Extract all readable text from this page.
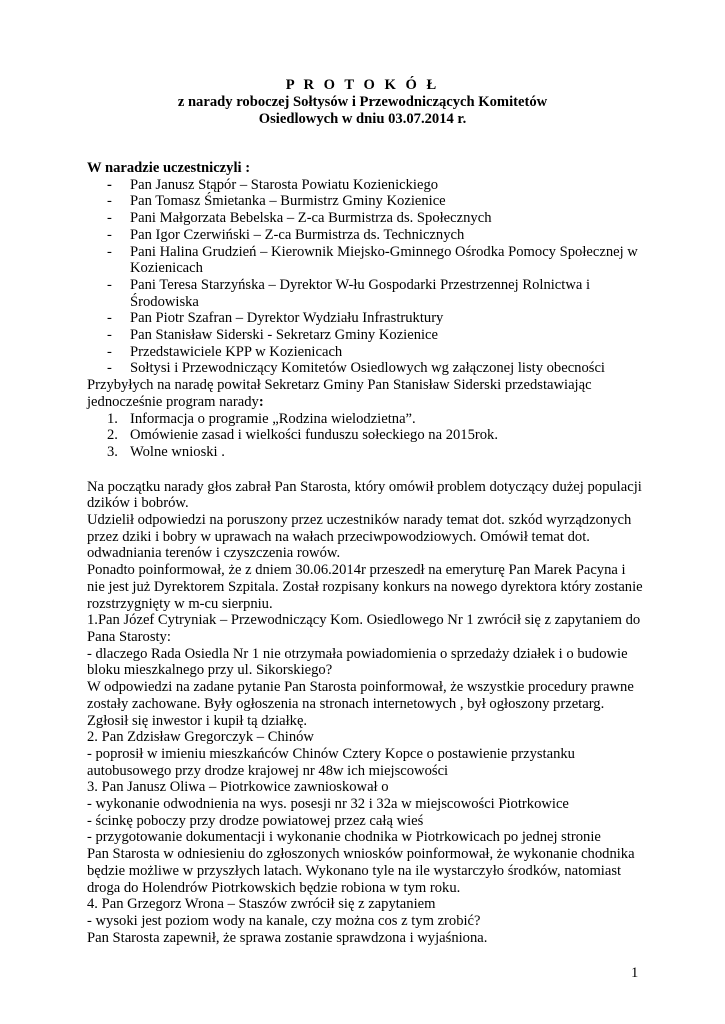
P R O T O K Ó Ł
z narady roboczej Sołtysów i Przewodniczących Komitetów
Osiedlowych w dniu 03.07.2014 r.
W naradzie uczestniczyli :
- Pan Janusz Stąpór – Starosta Powiatu Kozienickiego
- Pan Tomasz Śmietanka – Burmistrz Gminy Kozienice
- Pani Małgorzata Bebelska – Z-ca Burmistrza ds. Społecznych
- Pan Igor Czerwiński – Z-ca Burmistrza ds. Technicznych
- Pani Halina Grudzień – Kierownik Miejsko-Gminnego Ośrodka Pomocy Społecznej w Kozienicach
- Pani Teresa Starzyńska – Dyrektor W-łu Gospodarki Przestrzennej Rolnictwa i Środowiska
- Pan Piotr Szafran – Dyrektor Wydziału Infrastruktury
- Pan Stanisław Siderski - Sekretarz Gminy Kozienice
- Przedstawiciele KPP w Kozienicach
- Sołtysi i Przewodniczący Komitetów Osiedlowych wg załączonej listy obecności

Przybyłych na naradę powitał Sekretarz Gminy Pan Stanisław Siderski przedstawiając jednocześnie program narady:

1. Informacja o programie „Rodzina wielodzietna”.
2. Omówienie zasad i wielkości funduszu sołeckiego na 2015rok.
3. Wolne wnioski .

Na początku narady głos zabrał Pan Starosta, który omówił problem dotyczący dużej populacji dzików i bobrów.

Udzielił odpowiedzi na poruszony przez uczestników narady temat dot. szkód wyrządzonych przez dziki i bobry w uprawach na wałach przeciwpowodziowych. Omówił temat dot. odwadniania terenów i czyszczenia rowów.

Ponadto poinformował, że z dniem 30.06.2014r przeszedł na emeryturę Pan Marek Pacyna i nie jest już Dyrektorem Szpitala. Został rozpisany konkurs na nowego dyrektora który zostanie rozstrzygnięty w m-cu sierpniu.

1.Pan Józef Cytryniak – Przewodniczący Kom. Osiedlowego Nr 1 zwrócił się z zapytaniem do Pana Starosty:

- dlaczego Rada Osiedla Nr 1 nie otrzymała powiadomienia o sprzedaży działek i o budowie bloku mieszkalnego przy ul. Sikorskiego?

W odpowiedzi na zadane pytanie Pan Starosta poinformował, że wszystkie procedury prawne zostały zachowane. Były ogłoszenia na stronach internetowych , był ogłoszony przetarg. Zgłosił się inwestor i kupił tą działkę.

2. Pan Zdzisław Gregorczyk – Chinów

- poprosił w imieniu mieszkańców Chinów Cztery Kopce o postawienie przystanku autobusowego przy drodze krajowej nr 48w ich miejscowości

3. Pan Janusz Oliwa – Piotrkowice zawnioskował o

- wykonanie odwodnienia na wys. posesji nr 32 i 32a w miejscowości Piotrkowice

- ścinkę poboczy przy drodze powiatowej przez całą wieś

- przygotowanie dokumentacji i wykonanie chodnika w Piotrkowicach po jednej stronie

Pan Starosta w odniesieniu do zgłoszonych wniosków poinformował, że wykonanie chodnika będzie możliwe w przyszłych latach. Wykonano tyle na ile wystarczyło środków, natomiast droga do Holendrów Piotrkowskich będzie robiona w tym roku.

4. Pan Grzegorz Wrona – Staszów zwrócił się z zapytaniem

- wysoki jest poziom wody na kanale, czy można cos z tym zrobić?

Pan Starosta zapewnił, że sprawa zostanie sprawdzona i wyjaśniona.

1
